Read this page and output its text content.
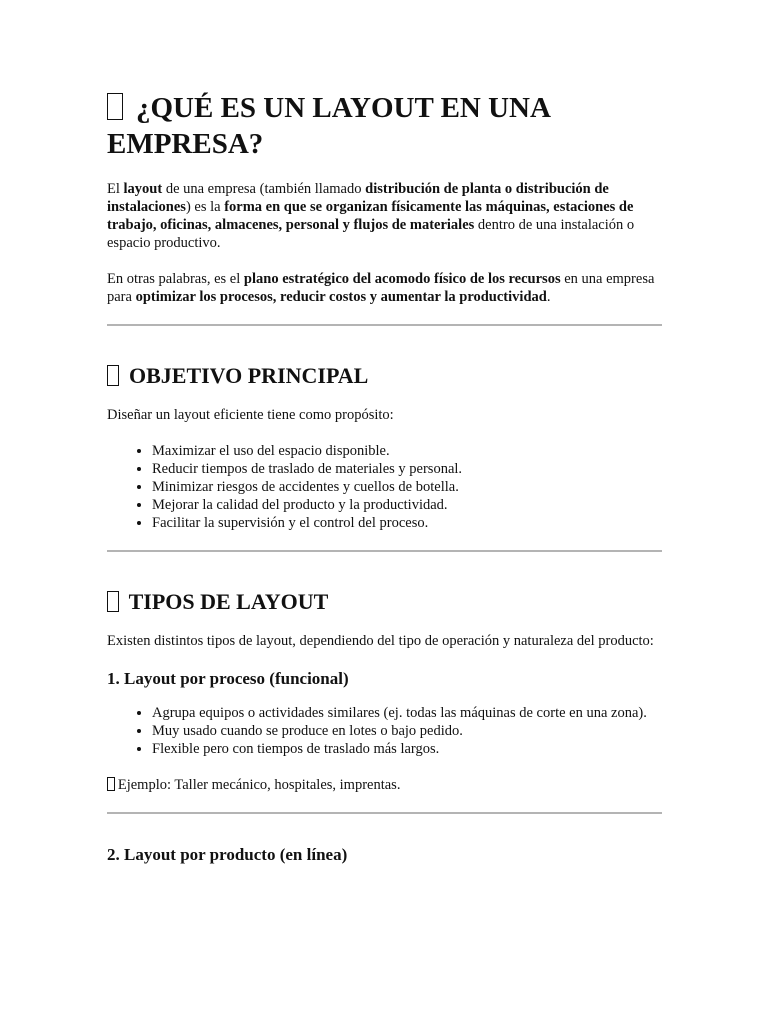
¿QUÉ ES UN LAYOUT EN UNA EMPRESA?

El layout de una empresa (también llamado distribución de planta o distribución de instalaciones) es la forma en que se organizan físicamente las máquinas, estaciones de trabajo, oficinas, almacenes, personal y flujos de materiales dentro de una instalación o espacio productivo.

En otras palabras, es el plano estratégico del acomodo físico de los recursos en una empresa para optimizar los procesos, reducir costos y aumentar la productividad.

OBJETIVO PRINCIPAL

Diseñar un layout eficiente tiene como propósito:

• Maximizar el uso del espacio disponible.
• Reducir tiempos de traslado de materiales y personal.
• Minimizar riesgos de accidentes y cuellos de botella.
• Mejorar la calidad del producto y la productividad.
• Facilitar la supervisión y el control del proceso.
TIPOS DE LAYOUT

Existen distintos tipos de layout, dependiendo del tipo de operación y naturaleza del producto:

1. Layout por proceso (funcional)
• Agrupa equipos o actividades similares (ej. todas las máquinas de corte en una zona).
• Muy usado cuando se produce en lotes o bajo pedido.
• Flexible pero con tiempos de traslado más largos.

Ejemplo: Taller mecánico, hospitales, imprentas.

2. Layout por producto (en línea)
